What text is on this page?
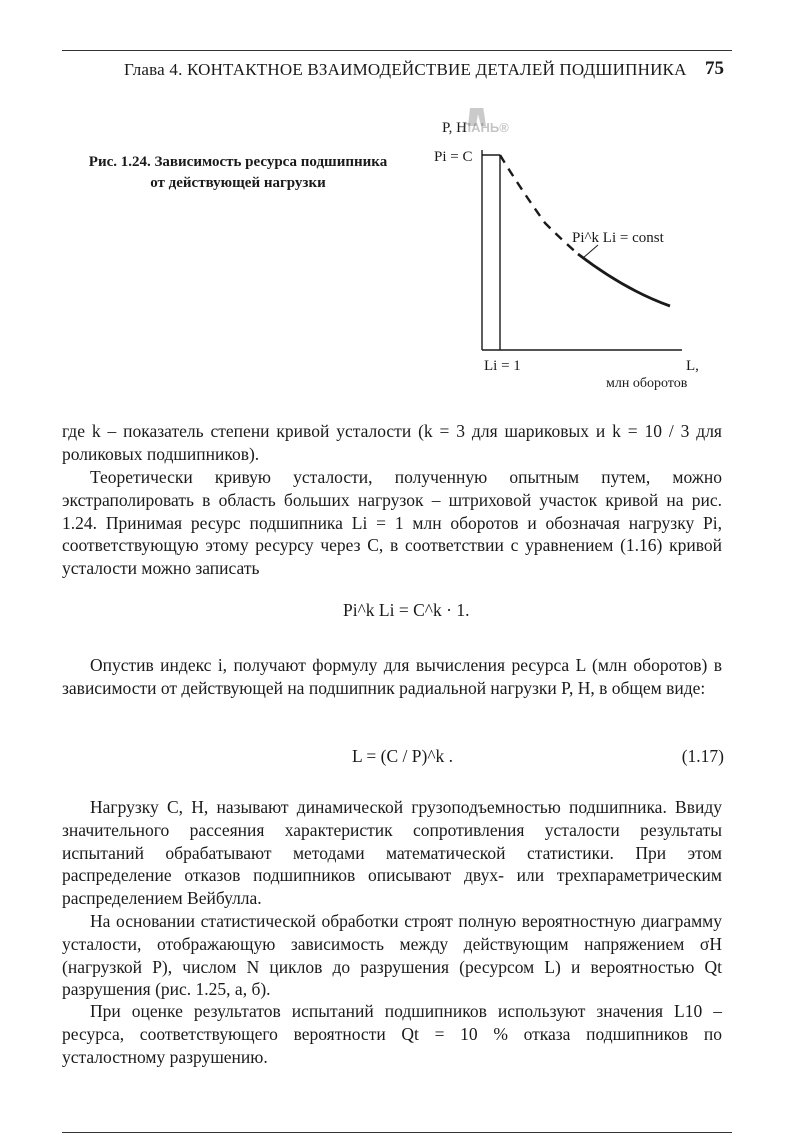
Глава 4. КОНТАКТНОЕ ВЗАИМОДЕЙСТВИЕ ДЕТАЛЕЙ ПОДШИПНИКА 75
Рис. 1.24. Зависимость ресурса подшипника
от действующей нагрузки
P, Н
Pi = C
Pi^k Li = const
Li = 1	L,
млн оборотов
ЛАНЬ®

где k – показатель степени кривой усталости (k = 3 для шариковых и k = 10 / 3 для роликовых подшипников).

Теоретически кривую усталости, полученную опытным путем, можно экстраполировать в область больших нагрузок – штриховой участок кривой на рис. 1.24. Принимая ресурс подшипника Li = 1 млн оборотов и обозначая нагрузку Pi, соответствующую этому ресурсу через C, в соответствии с уравнением (1.16) кривой усталости можно записать

Pi^k Li = C^k · 1.

Опустив индекс i, получают формулу для вычисления ресурса L (млн оборотов) в зависимости от действующей на подшипник радиальной нагрузки P, Н, в общем виде:

L = (C / P)^k .	(1.17)

Нагрузку C, Н, называют динамической грузоподъемностью подшипника. Ввиду значительного рассеяния характеристик сопротивления усталости результаты испытаний обрабатывают методами математической статистики. При этом распределение отказов подшипников описывают двух- или трехпараметрическим распределением Вейбулла.

На основании статистической обработки строят полную вероятностную диаграмму усталости, отображающую зависимость между действующим напряжением σH (нагрузкой P), числом N циклов до разрушения (ресурсом L) и вероятностью Qt разрушения (рис. 1.25, а, б).

При оценке результатов испытаний подшипников используют значения L10 – ресурса, соответствующего вероятности Qt = 10 % отказа подшипников по усталостному разрушению.
